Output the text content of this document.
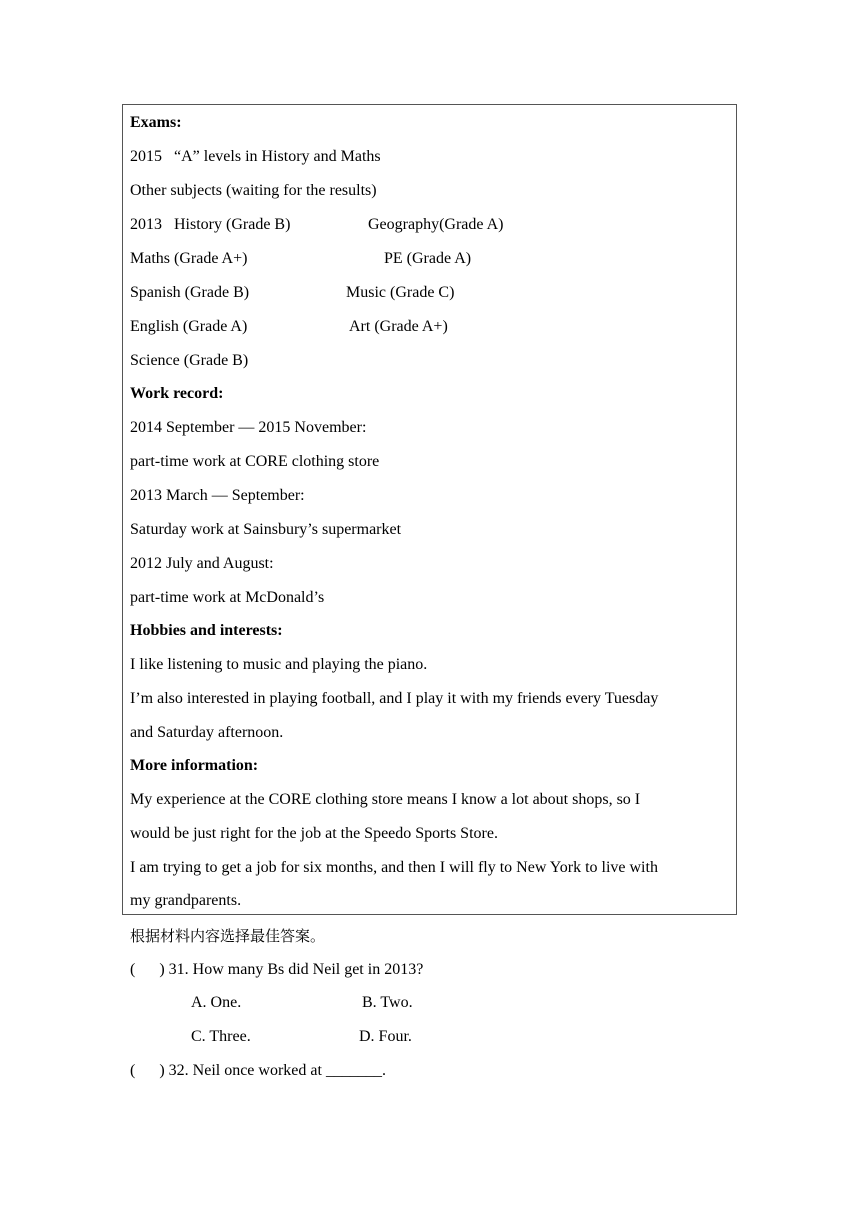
Exams:
2015   “A” levels in History and Maths
Other subjects (waiting for the results)
2013   History (Grade B)	Geography(Grade A)
Maths (Grade A+)	PE (Grade A)
Spanish (Grade B)	Music (Grade C)
English (Grade A)	Art (Grade A+)
Science (Grade B)
Work record:
2014 September — 2015 November:
part-time work at CORE clothing store
2013 March — September:
Saturday work at Sainsbury’s supermarket
2012 July and August:
part-time work at McDonald’s
Hobbies and interests:
I like listening to music and playing the piano.
I’m also interested in playing football, and I play it with my friends every Tuesday
and Saturday afternoon.
More information:
My experience at the CORE clothing store means I know a lot about shops, so I
would be just right for the job at the Speedo Sports Store.
I am trying to get a job for six months, and then I will fly to New York to live with
my grandparents.
根据材料内容选择最佳答案。
(      ) 31. How many Bs did Neil get in 2013?
A. One.	B. Two.
C. Three.	D. Four.
(      ) 32. Neil once worked at _______.
